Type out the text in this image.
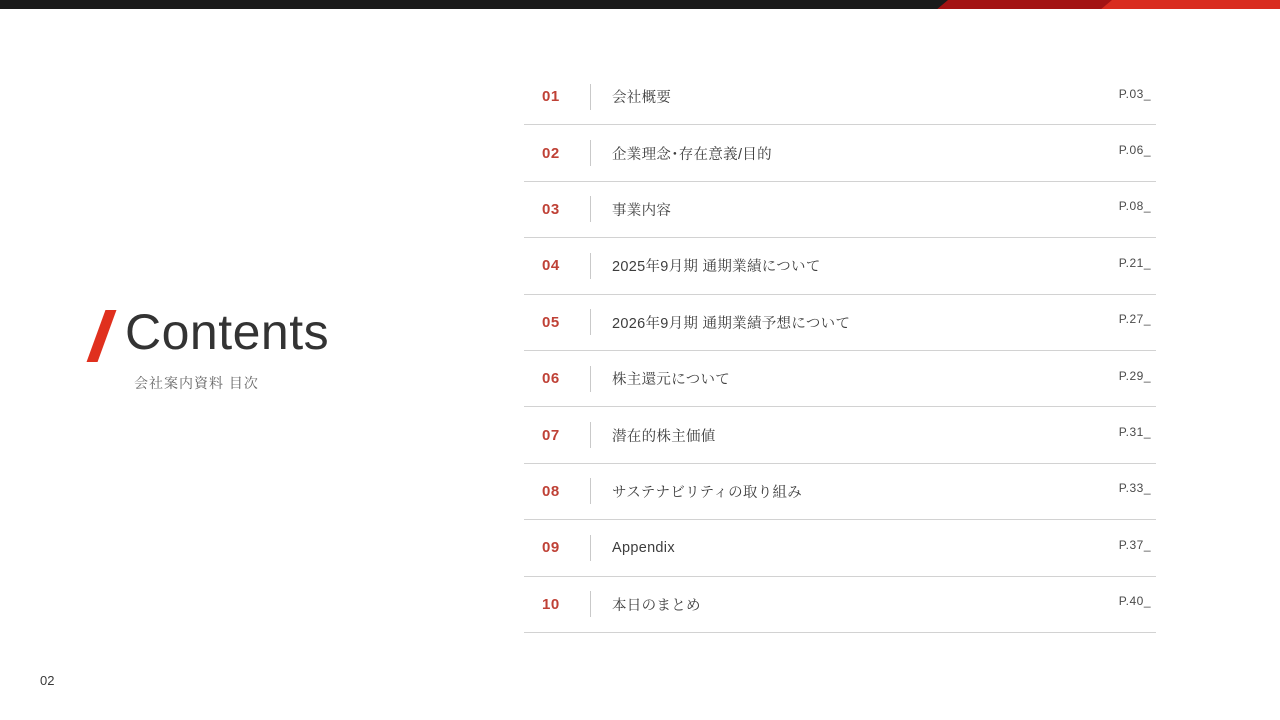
Contents
会社案内資料 目次
01	会社概要	P.03_
02	企業理念･存在意義/目的	P.06_
03	事業内容	P.08_
04	2025年9月期 通期業績について	P.21_
05	2026年9月期 通期業績予想について	P.27_
06	株主還元について	P.29_
07	潜在的株主価値	P.31_
08	サステナビリティの取り組み	P.33_
09	Appendix	P.37_
10	本日のまとめ	P.40_
02
